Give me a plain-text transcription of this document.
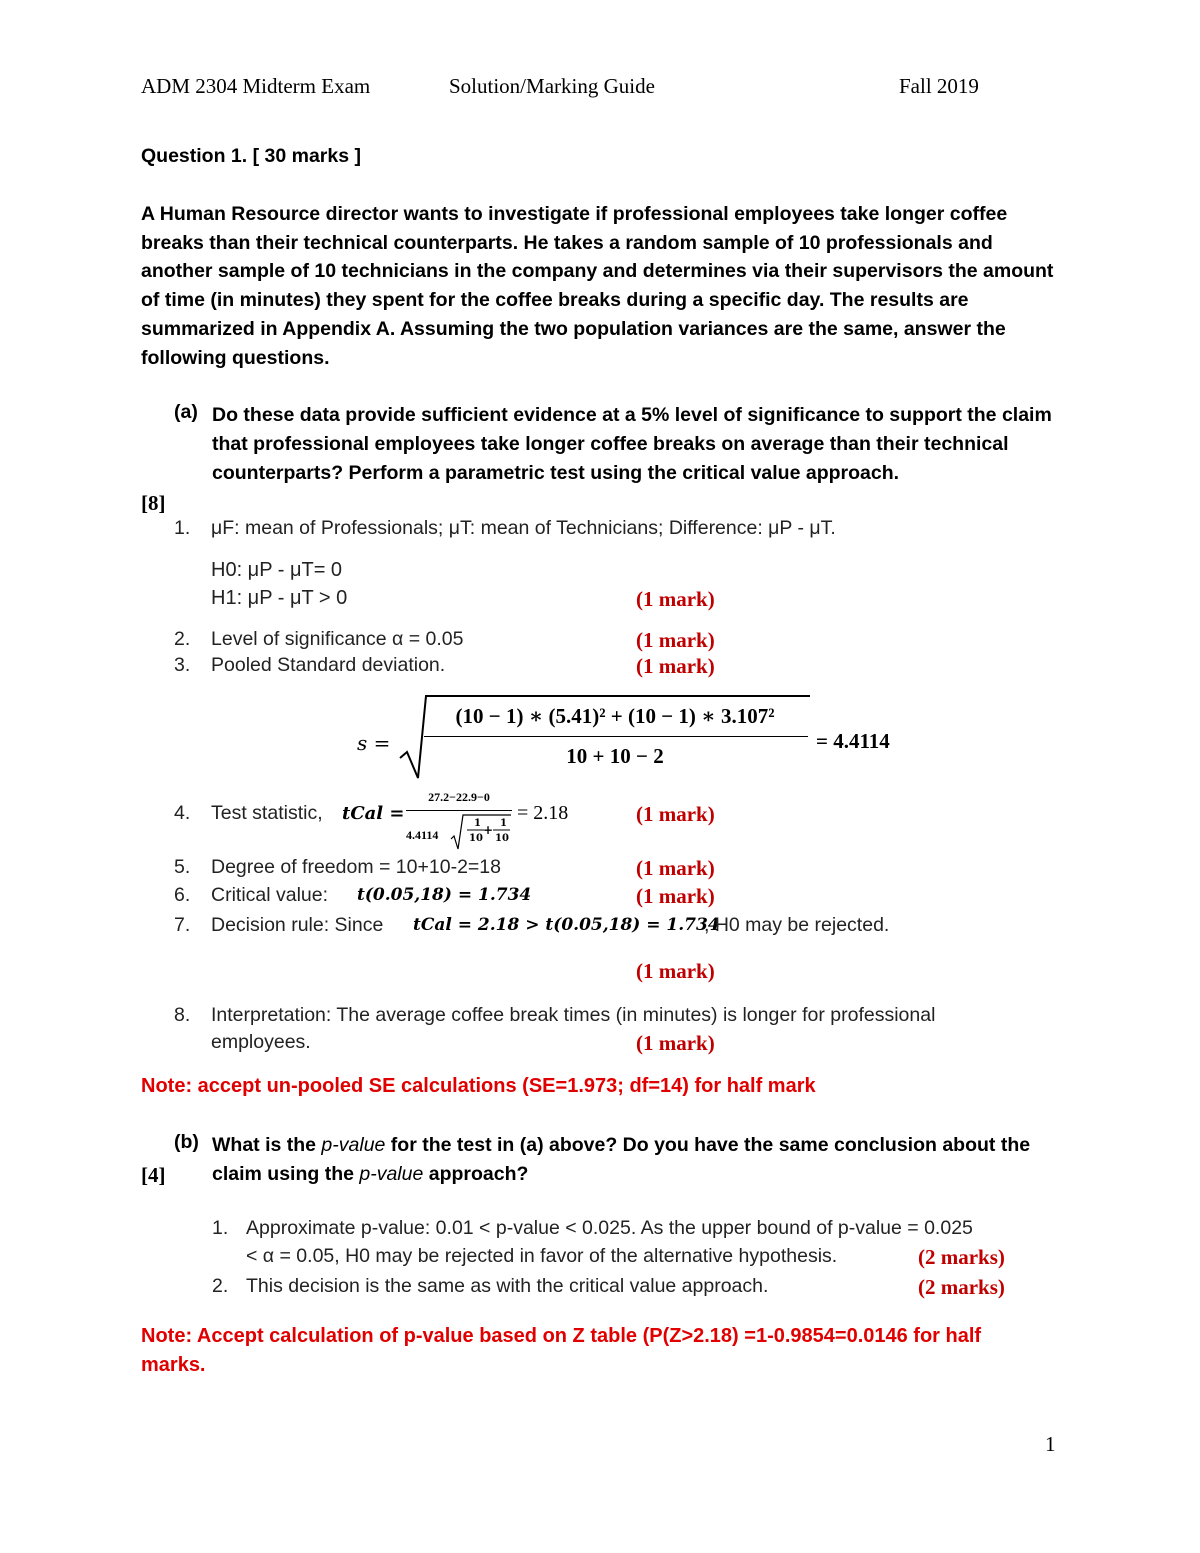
ADM 2304 Midterm Exam	Solution/Marking Guide	Fall 2019
Question 1. [ 30 marks ]
A Human Resource director wants to investigate if professional employees take longer coffee breaks than their technical counterparts. He takes a random sample of 10 professionals and another sample of 10 technicians in the company and determines via their supervisors the amount of time (in minutes) they spent for the coffee breaks during a specific day. The results are summarized in Appendix A. Assuming the two population variances are the same, answer the following questions.
(a) Do these data provide sufficient evidence at a 5% level of significance to support the claim that professional employees take longer coffee breaks on average than their technical counterparts? Perform a parametric test using the critical value approach.
[8]
1. μF: mean of Professionals; μT: mean of Technicians; Difference: μP - μT.
H0: μP - μT= 0
H1: μP - μT > 0	(1 mark)
2. Level of significance α = 0.05	(1 mark)
3. Pooled Standard deviation.	(1 mark)
s =
(10 − 1) ∗ (5.41)² + (10 − 1) ∗ 3.107²
10 + 10 − 2
= 4.4114
4. Test statistic, tCal =
27.2−22.9−0
4.4114
1
10
+ 1
10
= 2.18	(1 mark)
5. Degree of freedom = 10+10-2=18	(1 mark)
6. Critical value: t(0.05,18) = 1.734	(1 mark)
7. Decision rule: Since tCal = 2.18 > t(0.05,18) = 1.734
, H0 may be rejected.
(1 mark)
8. Interpretation: The average coffee break times (in minutes) is longer for professional
employees.	(1 mark)
Note: accept un-pooled SE calculations (SE=1.973; df=14) for half mark
(b) What is the p-value for the test in (a) above? Do you have the same conclusion about the claim using the p-value approach?
[4]
1. Approximate p-value: 0.01 < p-value < 0.025. As the upper bound of p-value = 0.025
< α = 0.05, H0 may be rejected in favor of the alternative hypothesis.	(2 marks)
2. This decision is the same as with the critical value approach.	(2 marks)
Note: Accept calculation of p-value based on Z table (P(Z>2.18) =1-0.9854=0.0146 for half
marks.
1
